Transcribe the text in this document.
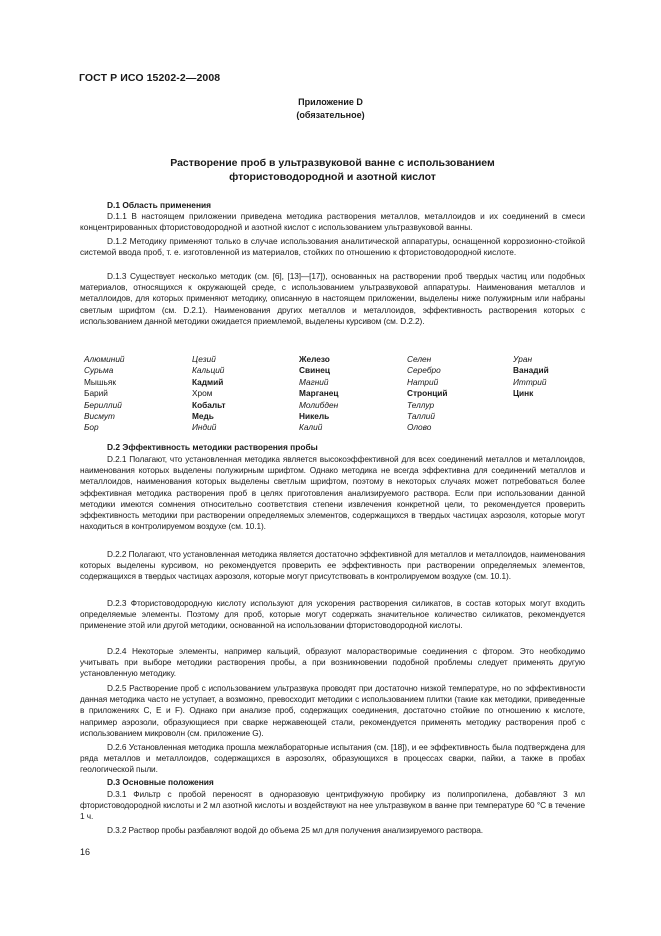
ГОСТ Р ИСО 15202-2—2008
Приложение D
(обязательное)
Растворение проб в ультразвуковой ванне с использованием
фтористоводородной и азотной кислот
D.1 Область применения

D.1.1 В настоящем приложении приведена методика растворения металлов, металлоидов и их соединений в смеси концентрированных фтористоводородной и азотной кислот с использованием ультразвуковой ванны.

D.1.2 Методику применяют только в случае использования аналитической аппаратуры, оснащенной коррозионно-стойкой системой ввода проб, т. е. изготовленной из материалов, стойких по отношению к фтористоводородной кислоте.

D.1.3 Существует несколько методик (см. [6], [13]—[17]), основанных на растворении проб твердых частиц или подобных материалов, относящихся к окружающей среде, с использованием ультразвуковой аппаратуры. Наименования металлов и металлоидов, для которых применяют методику, описанную в настоящем приложении, выделены ниже полужирным или набраны светлым шрифтом (см. D.2.1). Наименования других металлов и металлоидов, эффективность растворения которых с использованием данной методики ожидается приемлемой, выделены курсивом (см. D.2.2).

Алюминий
Сурьма
Мышьяк
Барий
Бериллий
Висмут
Бор
Цезий
Кальций
Кадмий
Хром
Кобальт
Медь
Индий
Железо
Свинец
Магний
Марганец
Молибден
Никель
Калий
Селен
Серебро
Натрий
Стронций
Теллур
Таллий
Олово
Уран
Ванадий
Иттрий
Цинк
D.2 Эффективность методики растворения пробы

D.2.1 Полагают, что установленная методика является высокоэффективной для всех соединений металлов и металлоидов, наименования которых выделены полужирным шрифтом. Однако методика не всегда эффективна для соединений металлов и металлоидов, наименования которых выделены светлым шрифтом, поэтому в некоторых случаях может потребоваться более эффективная методика растворения проб в целях приготовления анализируемого раствора. Если при использовании данной методики имеются сомнения относительно соответствия степени извлечения конкретной цели, то рекомендуется проверить эффективность методики при растворении определяемых элементов, содержащихся в твердых частицах аэрозоля, которые могут находиться в контролируемом воздухе (см. 10.1).

D.2.2 Полагают, что установленная методика является достаточно эффективной для металлов и металлоидов, наименования которых выделены курсивом, но рекомендуется проверить ее эффективность при растворении определяемых элементов, содержащихся в твердых частицах аэрозоля, которые могут присутствовать в контролируемом воздухе (см. 10.1).

D.2.3 Фтористоводородную кислоту используют для ускорения растворения силикатов, в состав которых могут входить определяемые элементы. Поэтому для проб, которые могут содержать значительное количество силикатов, рекомендуется применение этой или другой методики, основанной на использовании фтористоводородной кислоты.

D.2.4 Некоторые элементы, например кальций, образуют малорастворимые соединения с фтором. Это необходимо учитывать при выборе методики растворения пробы, а при возникновении подобной проблемы следует применять другую установленную методику.

D.2.5 Растворение проб с использованием ультразвука проводят при достаточно низкой температуре, но по эффективности данная методика часто не уступает, а возможно, превосходит методики с использованием плитки (такие как методики, приведенные в приложениях C, E и F). Однако при анализе проб, содержащих соединения, достаточно стойкие по отношению к кислоте, например аэрозоли, образующиеся при сварке нержавеющей стали, рекомендуется применять методику растворения проб с использованием микроволн (см. приложение G).

D.2.6 Установленная методика прошла межлабораторные испытания (см. [18]), и ее эффективность была подтверждена для ряда металлов и металлоидов, содержащихся в аэрозолях, образующихся в процессах сварки, пайки, а также в пробах геологической пыли.

D.3 Основные положения

D.3.1 Фильтр с пробой переносят в одноразовую центрифужную пробирку из полипропилена, добавляют 3 мл фтористоводородной кислоты и 2 мл азотной кислоты и воздействуют на нее ультразвуком в ванне при температуре 60 °С в течение 1 ч.

D.3.2 Раствор пробы разбавляют водой до объема 25 мл для получения анализируемого раствора.

16
